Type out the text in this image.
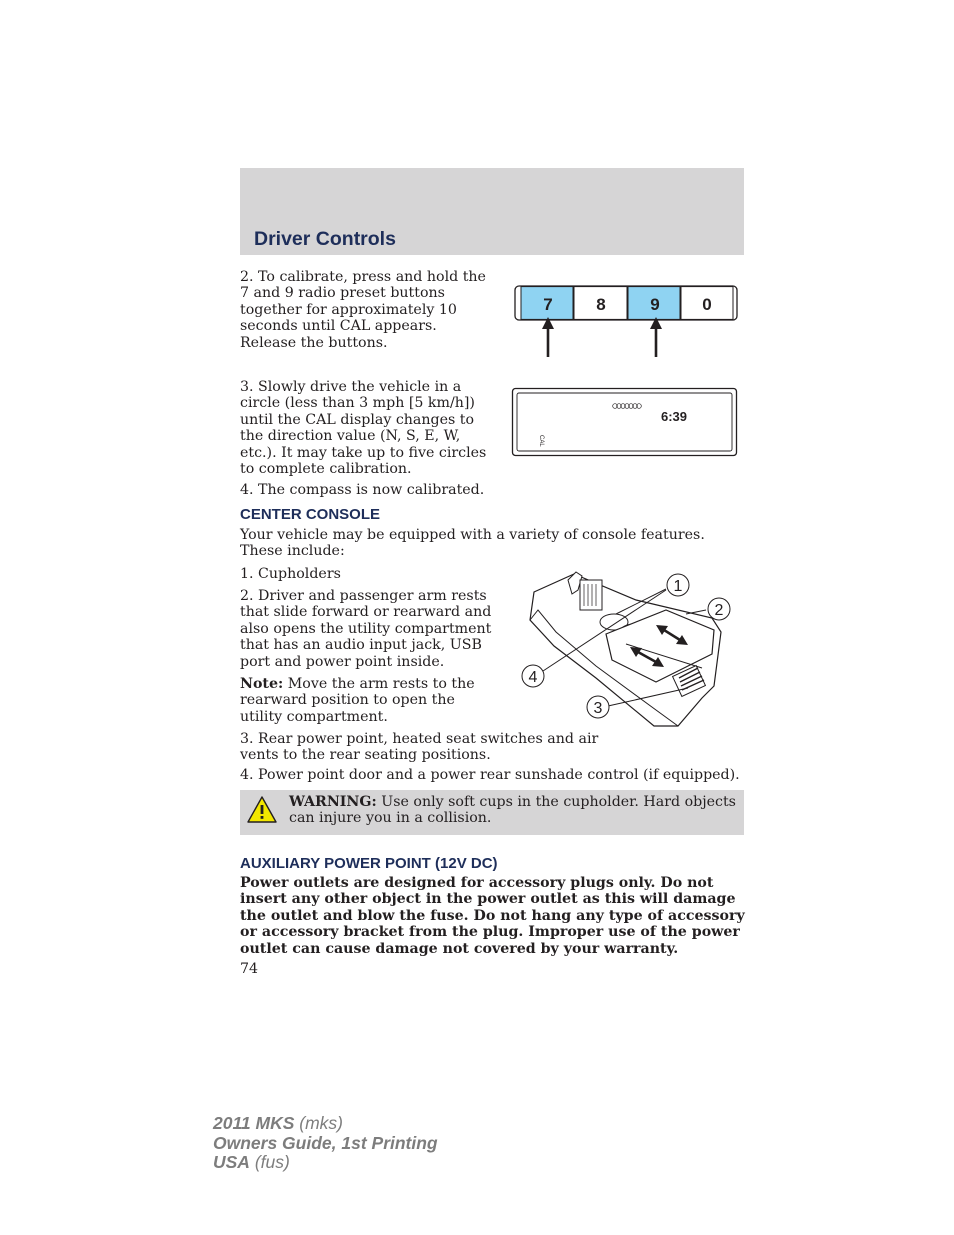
Driver Controls
2. To calibrate, press and hold the 7 and 9 radio preset buttons together for approximately 10 seconds until CAL appears. Release the buttons.
7	8	9	0
3. Slowly drive the vehicle in a circle (less than 3 mph [5 km/h]) until the CAL display changes to the direction value (N, S, E, W, etc.). It may take up to five circles to complete calibration.
6:39
CAL
4. The compass is now calibrated.
CENTER CONSOLE
Your vehicle may be equipped with a variety of console features. These include:
1. Cupholders
2. Driver and passenger arm rests that slide forward or rearward and also opens the utility compartment that has an audio input jack, USB port and power point inside.
Note: Move the arm rests to the rearward position to open the utility compartment.
1
2
3
4
3. Rear power point, heated seat switches and air vents to the rear seating positions.
4. Power point door and a power rear sunshade control (if equipped).
WARNING: Use only soft cups in the cupholder. Hard objects can injure you in a collision.
AUXILIARY POWER POINT (12V DC)
Power outlets are designed for accessory plugs only. Do not insert any other object in the power outlet as this will damage the outlet and blow the fuse. Do not hang any type of accessory or accessory bracket from the plug. Improper use of the power outlet can cause damage not covered by your warranty.
74
2011 MKS (mks)
Owners Guide, 1st Printing
USA (fus)
